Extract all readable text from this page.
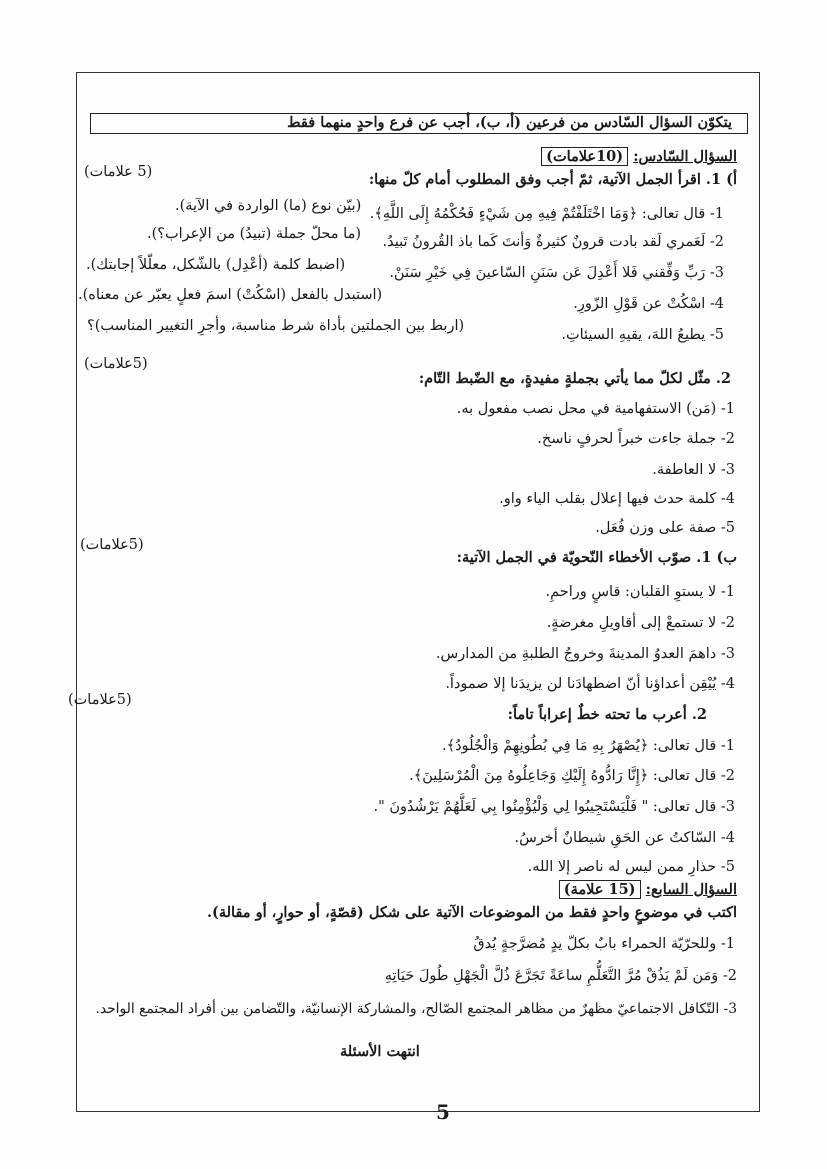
يتكوّن السؤال السّادس من فرعين (أ، ب)، أجب عن فرع واحدٍ منهما فقط
السؤال السّادس: (10علامات)
أ) 1. اقرأ الجمل الآتية، ثمّ أجب وفق المطلوب أمام كلّ منها:
(5 علامات)
1- قال تعالى: ﴿وَمَا اخْتَلَفْتُمْ فِيهِ مِن شَيْءٍ فَحُكْمُهُ إِلَى اللَّهِ﴾.
(بيّن نوع (ما) الواردة في الآية).
2- لَعَمري لَقد بادت قرونٌ كثيرةٌ وَأنتَ كَما باذ القُرونُ تَبيدُ.
(ما محلّ جملة (تبيدُ) من الإعراب؟).
3- رَبِّ وَفِّقني فَلا أَعْدِلَ عَن سَنَنِ السّاعينَ فِي خَيْرِ سَنَنْ.
(اضبط كلمة (أعْدِل) بالشّكل، معلّلاً إجابتك).
4- اسْكُتْ عن قَوْلِ الزّورِ.
(استبدل بالفعل (اسْكُتْ) اسمَ فعلٍ يعبّر عن معناه).
5- يطيعُ اللهَ، يقيهِ السيئاتِ.
(اربط بين الجملتين بأداة شرط مناسبة، وأجرِ التغيير المناسب)؟
2. مثّل لكلّ مما يأتي بجملةٍ مفيدةٍ، مع الضّبط التّام:
(5علامات)
1- (مَن) الاستفهامية في محل نصب مفعول به.
2- جملة جاءت خبراً لحرفٍ ناسخ.
3- لا العاطفة.
4- كلمة حدث فيها إعلال بقلب الياء واو.
5- صفة على وزن فُعَل.
ب) 1. صوّب الأخطاء النّحويّة في الجمل الآتية:
(5علامات)
1- لا يستوِ القلبان: قاسٍ وراحمِ.
2- لا تستمعْ إلى أقاويلِ مغرضةٍ.
3- داهمَ العدوُ المدينةَ وخروجُ الطلبةِ من المدارس.
4- يُيْقِن أعداؤنا أنّ اضطهادَنا لن يزيدَنا إلا صموداً.
2. أعرب ما تحته خطٌ إعراباً تاماً:
(5علامات)
1- قال تعالى: ﴿يُصْهَرُ بِهِ مَا فِي بُطُونِهِمْ وَالْجُلُودُ﴾.
2- قال تعالى: ﴿إِنَّا رَادُّوهُ إِلَيْكِ وَجَاعِلُوهُ مِنَ الْمُرْسَلِينَ﴾.
3- قال تعالى: " فَلْيَسْتَجِيبُوا لِي وَلْيُؤْمِنُوا بِي لَعَلَّهُمْ يَرْشُدُونَ ".
4- السّاكتُ عن الحَقِ شيطانٌ أخرسُ.
5- حذارِ ممن ليس له ناصر إلا الله.
السؤال السابع: (15 علامة)
اكتب في موضوعٍ واحدٍ فقط من الموضوعات الآتية على شكل (قصّةٍ، أو حوارٍ، أو مقالة).
1- وللحرّيّة الحمراء بابٌ بكلّ يدٍ مُضرَّجةٍ يُدقُ
2- وَمَن لَمْ يَذُقْ مُرَّ التَّعَلُّمِ ساعَةً تَجَرَّعَ ذُلَّ الْجَهْلِ طُولَ حَيَاتِهِ
3- التّكافل الاجتماعيّ مظهرٌ من مظاهر المجتمع الصّالح، والمشاركة الإنسانيّة، والتّضامن بين أفراد المجتمع الواحد.
انتهت الأسئلة
5
